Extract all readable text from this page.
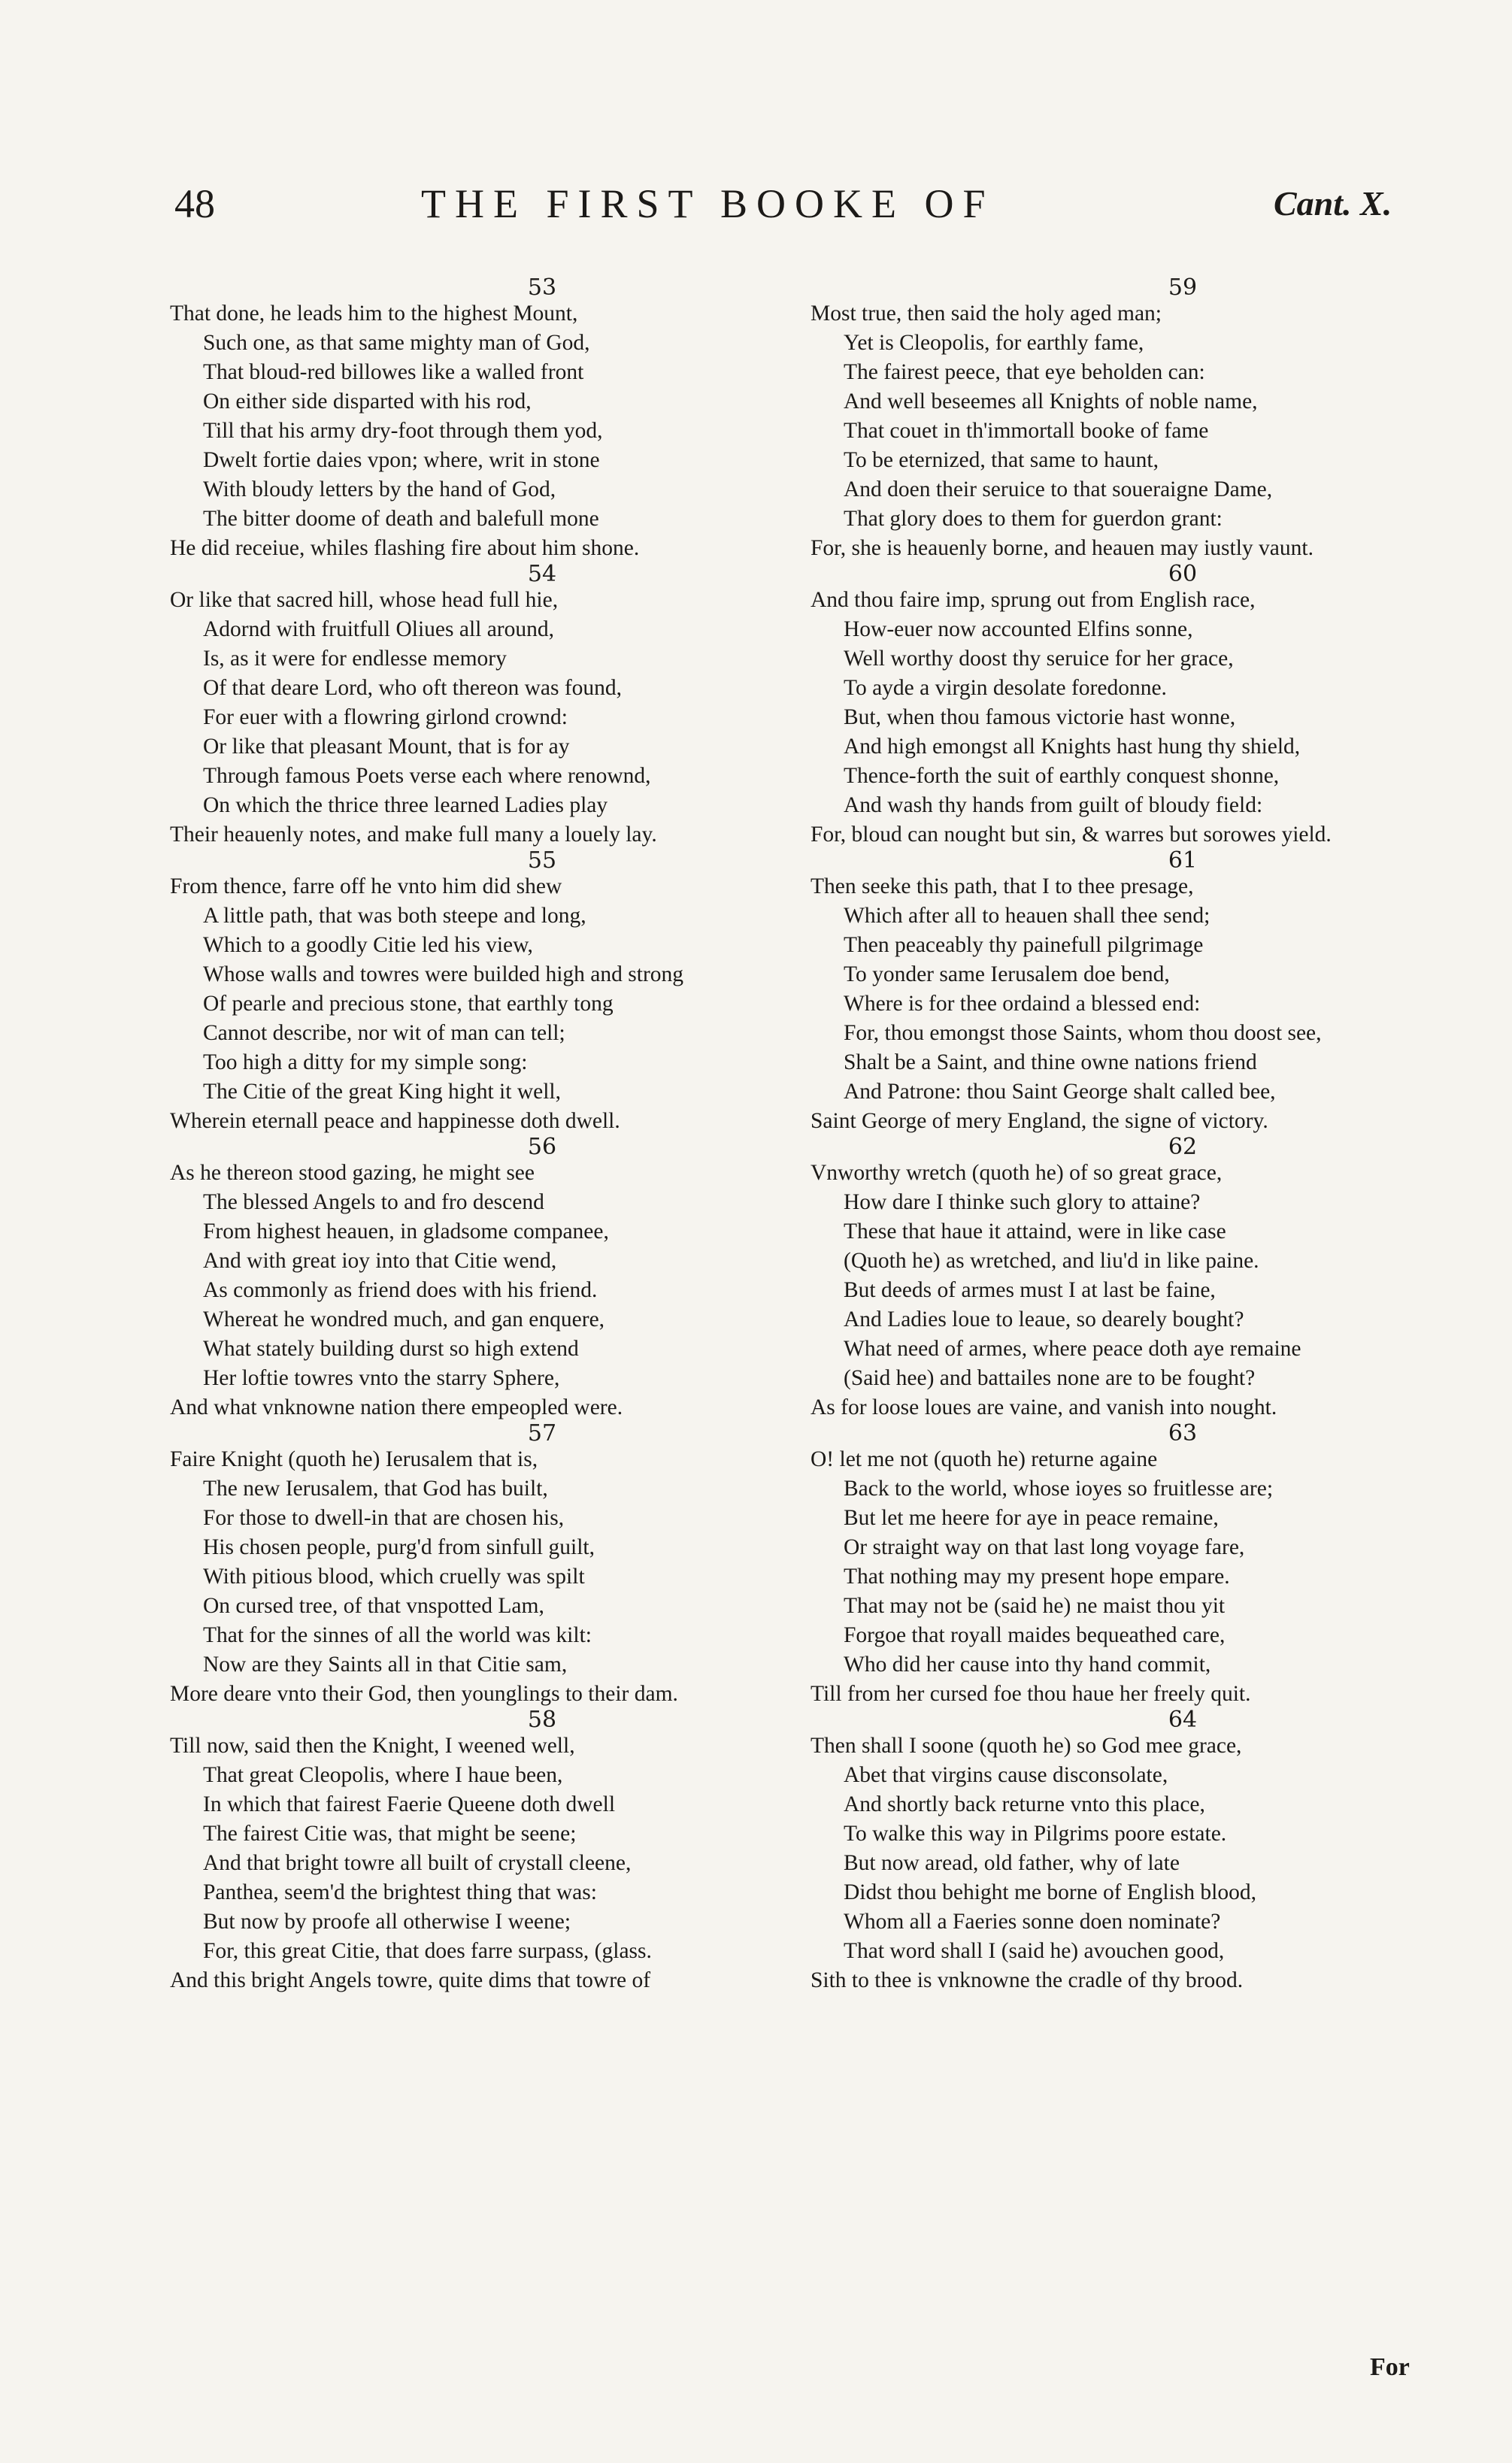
48	THE FIRST BOOKE OF	Cant. X.
53
That done, he leads him to the highest Mount,
Such one, as that same mighty man of God,
That bloud-red billowes like a walled front
On either side disparted with his rod,
Till that his army dry-foot through them yod,
Dwelt fortie daies vpon; where, writ in stone
With bloudy letters by the hand of God,
The bitter doome of death and balefull mone
He did receiue, whiles flashing fire about him shone.
54
Or like that sacred hill, whose head full hie,
Adornd with fruitfull Oliues all around,
Is, as it were for endlesse memory
Of that deare Lord, who oft thereon was found,
For euer with a flowring girlond crownd:
Or like that pleasant Mount, that is for ay
Through famous Poets verse each where renownd,
On which the thrice three learned Ladies play
Their heauenly notes, and make full many a louely lay.
55
From thence, farre off he vnto him did shew
A little path, that was both steepe and long,
Which to a goodly Citie led his view,
Whose walls and towres were builded high and strong
Of pearle and precious stone, that earthly tong
Cannot describe, nor wit of man can tell;
Too high a ditty for my simple song:
The Citie of the great King hight it well,
Wherein eternall peace and happinesse doth dwell.
56
As he thereon stood gazing, he might see
The blessed Angels to and fro descend
From highest heauen, in gladsome companee,
And with great ioy into that Citie wend,
As commonly as friend does with his friend.
Whereat he wondred much, and gan enquere,
What stately building durst so high extend
Her loftie towres vnto the starry Sphere,
And what vnknowne nation there empeopled were.
57
Faire Knight (quoth he) Ierusalem that is,
The new Ierusalem, that God has built,
For those to dwell-in that are chosen his,
His chosen people, purg'd from sinfull guilt,
With pitious blood, which cruelly was spilt
On cursed tree, of that vnspotted Lam,
That for the sinnes of all the world was kilt:
Now are they Saints all in that Citie sam,
More deare vnto their God, then younglings to their dam.
58
Till now, said then the Knight, I weened well,
That great Cleopolis, where I haue been,
In which that fairest Faerie Queene doth dwell
The fairest Citie was, that might be seene;
And that bright towre all built of crystall cleene,
Panthea, seem'd the brightest thing that was:
But now by proofe all otherwise I weene;
For, this great Citie, that does farre surpass, (glass.
And this bright Angels towre, quite dims that towre of
59
Most true, then said the holy aged man;
Yet is Cleopolis, for earthly fame,
The fairest peece, that eye beholden can:
And well beseemes all Knights of noble name,
That couet in th'immortall booke of fame
To be eternized, that same to haunt,
And doen their seruice to that soueraigne Dame,
That glory does to them for guerdon grant:
For, she is heauenly borne, and heauen may iustly vaunt.
60
And thou faire imp, sprung out from English race,
How-euer now accounted Elfins sonne,
Well worthy doost thy seruice for her grace,
To ayde a virgin desolate foredonne.
But, when thou famous victorie hast wonne,
And high emongst all Knights hast hung thy shield,
Thence-forth the suit of earthly conquest shonne,
And wash thy hands from guilt of bloudy field:
For, bloud can nought but sin, & warres but sorowes yield.
61
Then seeke this path, that I to thee presage,
Which after all to heauen shall thee send;
Then peaceably thy painefull pilgrimage
To yonder same Ierusalem doe bend,
Where is for thee ordaind a blessed end:
For, thou emongst those Saints, whom thou doost see,
Shalt be a Saint, and thine owne nations friend
And Patrone: thou Saint George shalt called bee,
Saint George of mery England, the signe of victory.
62
Vnworthy wretch (quoth he) of so great grace,
How dare I thinke such glory to attaine?
These that haue it attaind, were in like case
(Quoth he) as wretched, and liu'd in like paine.
But deeds of armes must I at last be faine,
And Ladies loue to leaue, so dearely bought?
What need of armes, where peace doth aye remaine
(Said hee) and battailes none are to be fought?
As for loose loues are vaine, and vanish into nought.
63
O! let me not (quoth he) returne againe
Back to the world, whose ioyes so fruitlesse are;
But let me heere for aye in peace remaine,
Or straight way on that last long voyage fare,
That nothing may my present hope empare.
That may not be (said he) ne maist thou yit
Forgoe that royall maides bequeathed care,
Who did her cause into thy hand commit,
Till from her cursed foe thou haue her freely quit.
64
Then shall I soone (quoth he) so God mee grace,
Abet that virgins cause disconsolate,
And shortly back returne vnto this place,
To walke this way in Pilgrims poore estate.
But now aread, old father, why of late
Didst thou behight me borne of English blood,
Whom all a Faeries sonne doen nominate?
That word shall I (said he) avouchen good,
Sith to thee is vnknowne the cradle of thy brood.
For
